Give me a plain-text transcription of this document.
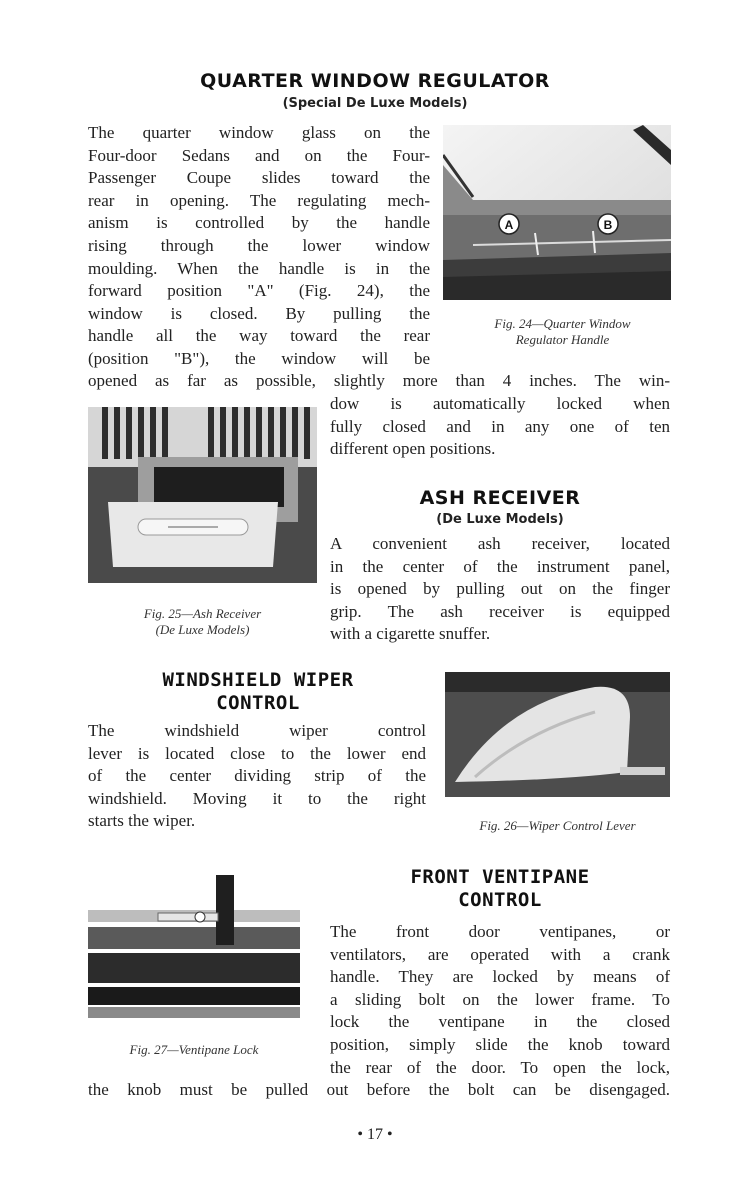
QUARTER WINDOW REGULATOR
(Special De Luxe Models)
The quarter window glass on the
Four-door Sedans and on the Four-
Passenger Coupe slides toward the
rear in opening. The regulating mech-
anism is controlled by the handle
rising through the lower window
moulding. When the handle is in the
forward position "A" (Fig. 24), the
window is closed. By pulling the
handle all the way toward the rear
(position "B"), the window will be
opened as far as possible, slightly more than 4 inches. The win-
dow is automatically locked when
fully closed and in any one of ten
different open positions.
A	B
Fig. 24—Quarter Window
Regulator Handle
Fig. 25—Ash Receiver
(De Luxe Models)
ASH RECEIVER
(De Luxe Models)
A convenient ash receiver, located
in the center of the instrument panel,
is opened by pulling out on the finger
grip. The ash receiver is equipped
with a cigarette snuffer.
WINDSHIELD WIPER
CONTROL
The windshield wiper control
lever is located close to the lower end
of the center dividing strip of the
windshield. Moving it to the right
starts the wiper.	Fig. 26—Wiper Control Lever
FRONT VENTIPANE
CONTROL
Fig. 27—Ventipane Lock
The front door ventipanes, or
ventilators, are operated with a crank
handle. They are locked by means of
a sliding bolt on the lower frame. To
lock the ventipane in the closed
position, simply slide the knob toward
the rear of the door. To open the lock,
the knob must be pulled out before the bolt can be disengaged.
• 17 •
